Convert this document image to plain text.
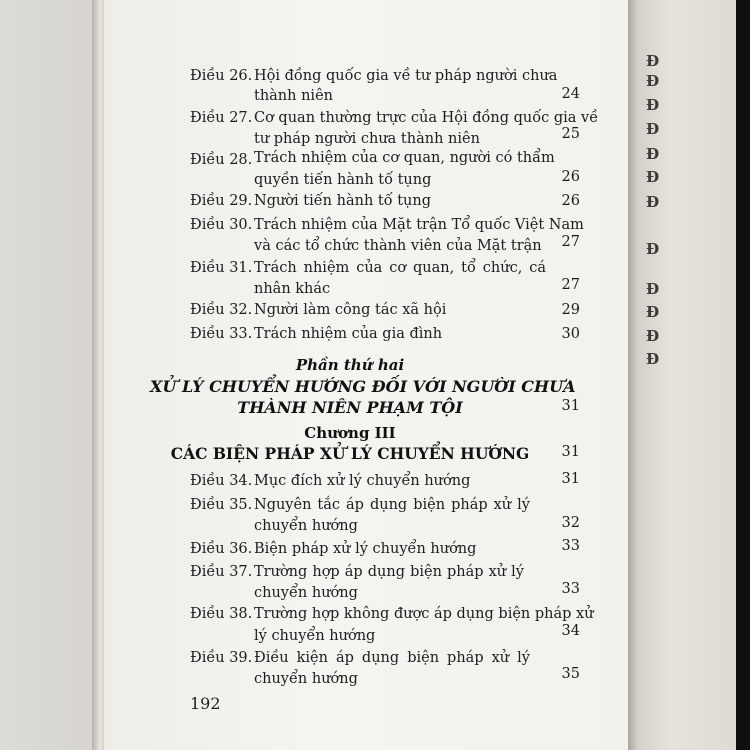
Đ
Đ
Đ
Đ
Đ
Đ
Đ
Đ
Đ
Đ
Đ
Đ
Điều 26. Hội đồng quốc gia về tư pháp người chưa
thành niên	24
Điều 27. Cơ quan thường trực của Hội đồng quốc gia về
tư pháp người chưa thành niên	25
Điều 28. Trách nhiệm của cơ quan, người có thẩm
quyền tiến hành tố tụng	26
Điều 29. Người tiến hành tố tụng	26
Điều 30. Trách nhiệm của Mặt trận Tổ quốc Việt Nam
và các tổ chức thành viên của Mặt trận	27
Điều 31. Trách nhiệm của cơ quan, tổ chức, cá
nhân khác	27
Điều 32. Người làm công tác xã hội	29
Điều 33. Trách nhiệm của gia đình	30
Phần thứ hai
XỬ LÝ CHUYỂN HƯỚNG ĐỐI VỚI NGƯỜI CHƯA
THÀNH NIÊN PHẠM TỘI	31
Chương III
CÁC BIỆN PHÁP XỬ LÝ CHUYỂN HƯỚNG	31
Điều 34. Mục đích xử lý chuyển hướng	31
Điều 35. Nguyên tắc áp dụng biện pháp xử lý
chuyển hướng	32
Điều 36. Biện pháp xử lý chuyển hướng	33
Điều 37. Trường hợp áp dụng biện pháp xử lý
chuyển hướng	33
Điều 38. Trường hợp không được áp dụng biện pháp xử
lý chuyển hướng	34
Điều 39. Điều kiện áp dụng biện pháp xử lý
chuyển hướng	35
192
